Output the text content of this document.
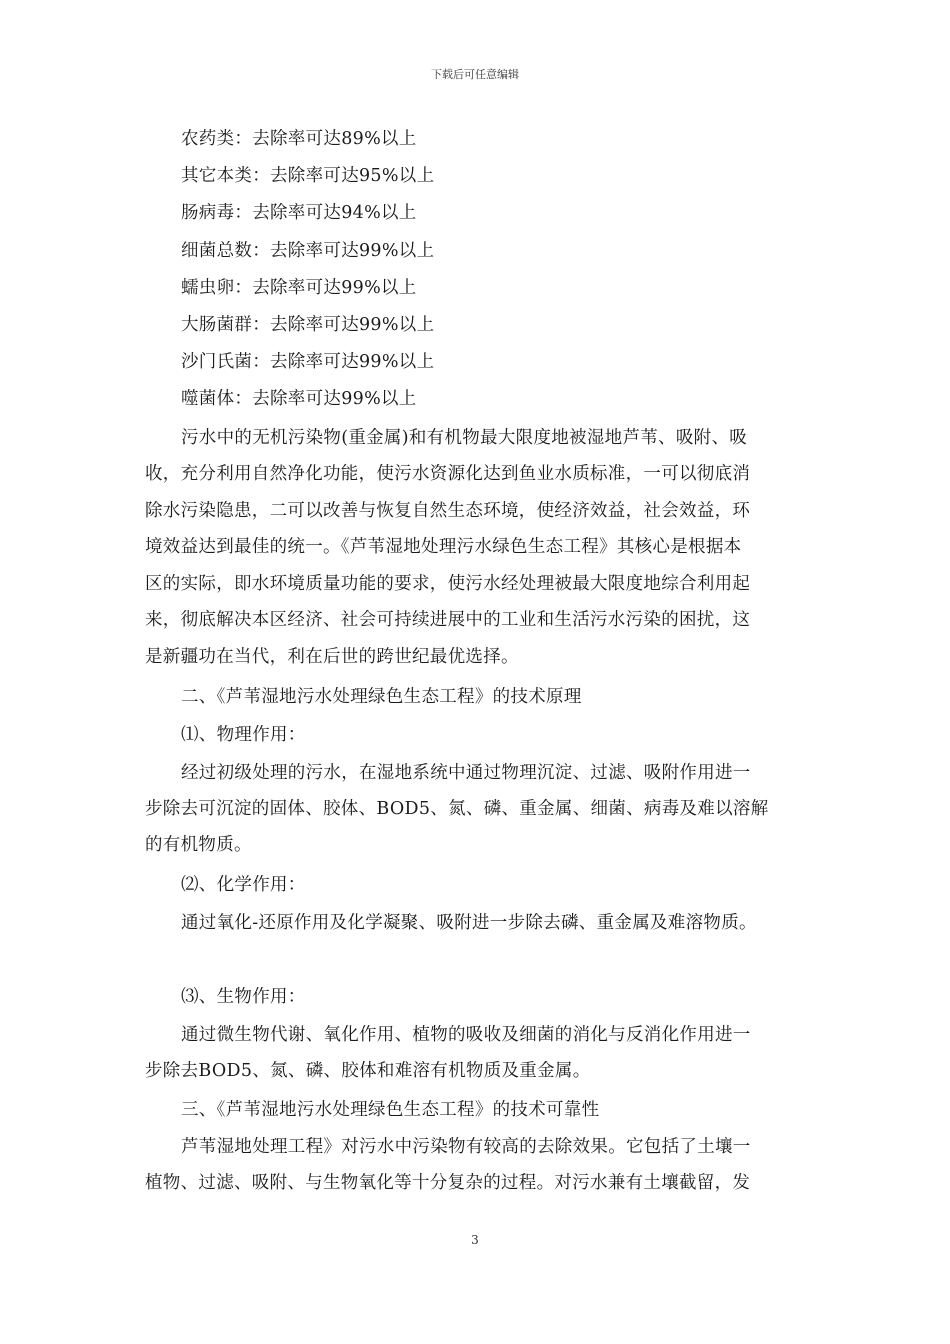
下载后可任意编辑
农药类：去除率可达89%以上
其它本类：去除率可达95%以上
肠病毒：去除率可达94%以上
细菌总数：去除率可达99%以上
蠕虫卵：去除率可达99%以上
大肠菌群：去除率可达99%以上
沙门氏菌：去除率可达99%以上
噬菌体：去除率可达99%以上
污水中的无机污染物(重金属)和有机物最大限度地被湿地芦苇、吸附、吸
收，充分利用自然净化功能，使污水资源化达到鱼业水质标准，一可以彻底消
除水污染隐患，二可以改善与恢复自然生态环境，使经济效益，社会效益，环
境效益达到最佳的统一。《芦苇湿地处理污水绿色生态工程》其核心是根据本
区的实际，即水环境质量功能的要求，使污水经处理被最大限度地综合利用起
来，彻底解决本区经济、社会可持续进展中的工业和生活污水污染的困扰，这
是新疆功在当代，利在后世的跨世纪最优选择。
二、《芦苇湿地污水处理绿色生态工程》的技术原理
⑴、物理作用：
经过初级处理的污水，在湿地系统中通过物理沉淀、过滤、吸附作用进一
步除去可沉淀的固体、胶体、BOD5、氮、磷、重金属、细菌、病毒及难以溶解
的有机物质。
⑵、化学作用：
通过氧化-还原作用及化学凝聚、吸附进一步除去磷、重金属及难溶物质。
⑶、生物作用：
通过微生物代谢、氧化作用、植物的吸收及细菌的消化与反消化作用进一
步除去BOD5、氮、磷、胶体和难溶有机物质及重金属。
三、《芦苇湿地污水处理绿色生态工程》的技术可靠性
芦苇湿地处理工程》对污水中污染物有较高的去除效果。它包括了土壤一
植物、过滤、吸附、与生物氧化等十分复杂的过程。对污水兼有土壤截留，发
3
